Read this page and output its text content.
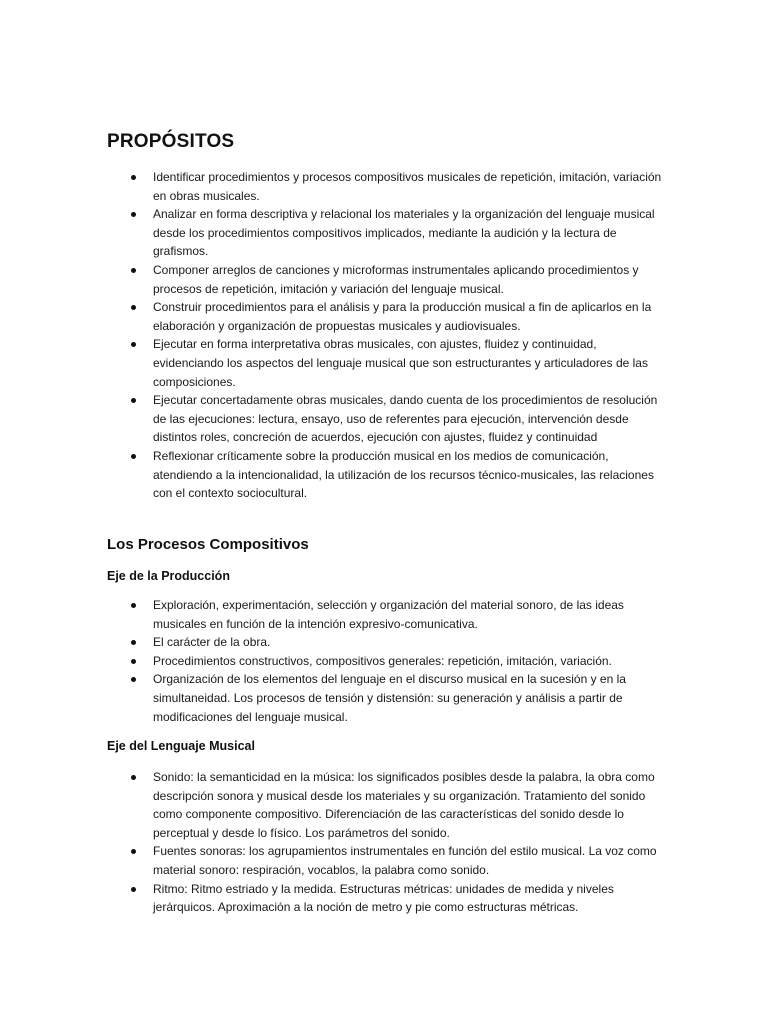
PROPÓSITOS
Identificar procedimientos y procesos compositivos musicales de repetición, imitación, variación en obras musicales.
Analizar en forma descriptiva y relacional los materiales y la organización del lenguaje musical desde los procedimientos compositivos implicados, mediante la audición y la lectura de grafismos.
Componer arreglos de canciones y microformas instrumentales aplicando procedimientos y procesos de repetición, imitación y variación del lenguaje musical.
Construir procedimientos para el análisis y para la producción musical a fin de aplicarlos en la elaboración y organización de propuestas musicales y audiovisuales.
Ejecutar en forma interpretativa obras musicales, con ajustes, fluidez y continuidad, evidenciando los aspectos del lenguaje musical que son estructurantes y articuladores de las composiciones.
Ejecutar concertadamente obras musicales, dando cuenta de los procedimientos de resolución de las ejecuciones: lectura, ensayo, uso de referentes para ejecución, intervención desde distintos roles, concreción de acuerdos, ejecución con ajustes, fluidez y continuidad
Reflexionar críticamente sobre la producción musical en los medios de comunicación, atendiendo a la intencionalidad, la utilización de los recursos técnico-musicales, las relaciones con el contexto sociocultural.
Los Procesos Compositivos
Eje de la Producción
Exploración, experimentación, selección y organización del material sonoro, de las ideas musicales en función de la intención expresivo-comunicativa.
El carácter de la obra.
Procedimientos constructivos, compositivos generales: repetición, imitación, variación.
Organización de los elementos del lenguaje en el discurso musical en la sucesión y en la simultaneidad. Los procesos de tensión y distensión: su generación y análisis a partir de modificaciones del lenguaje musical.
Eje del Lenguaje Musical
Sonido: la semanticidad en la música: los significados posibles desde la palabra, la obra como descripción sonora y musical desde los materiales y su organización. Tratamiento del sonido como componente compositivo. Diferenciación de las características del sonido desde lo perceptual y desde lo físico. Los parámetros del sonido.
Fuentes sonoras: los agrupamientos instrumentales en función del estilo musical. La voz como material sonoro: respiración, vocablos, la palabra como sonido.
Ritmo: Ritmo estriado y la medida. Estructuras métricas: unidades de medida y niveles jerárquicos. Aproximación a la noción de metro y pie como estructuras métricas.
